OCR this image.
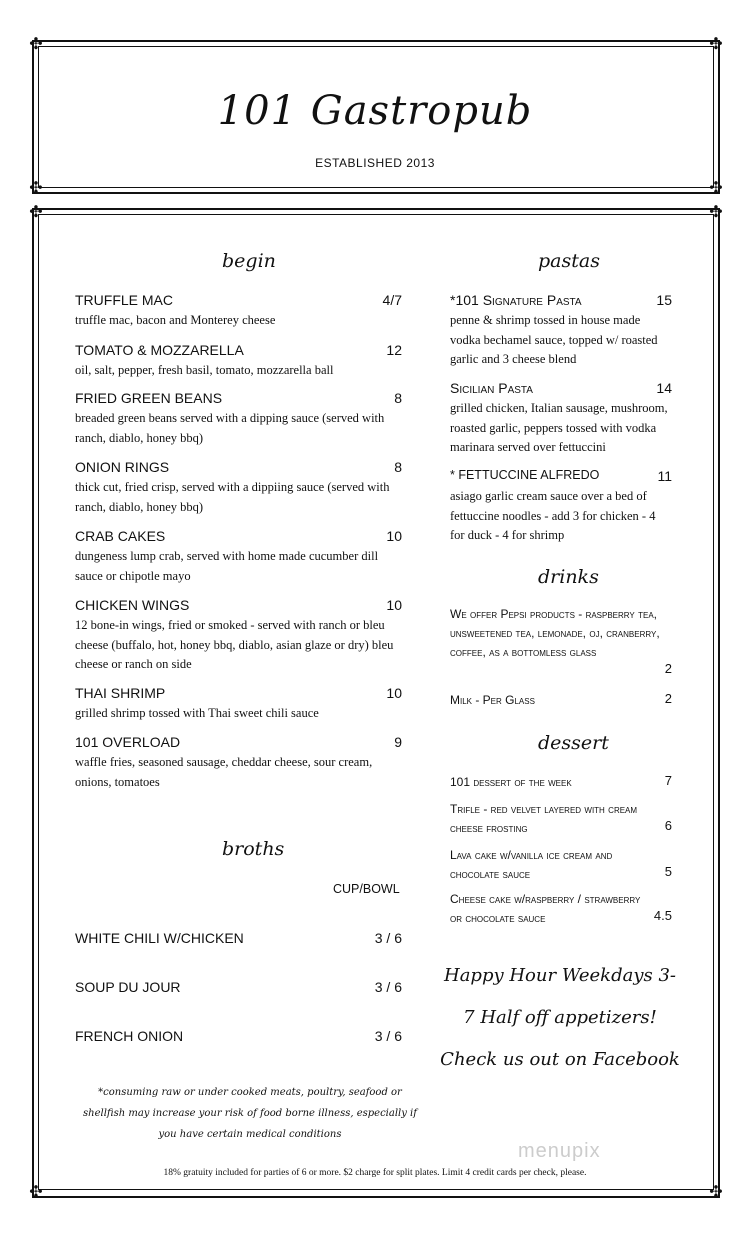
✣	✣
✣	✣
✣	✣
✣	✣
101 Gastropub
ESTABLISHED 2013
begin
TRUFFLE MAC	4/7
truffle mac, bacon and Monterey cheese
TOMATO & MOZZARELLA	12
oil, salt, pepper, fresh basil, tomato, mozzarella ball
FRIED GREEN BEANS	8
breaded green beans served with a dipping sauce (served with ranch, diablo, honey bbq)
ONION RINGS	8
thick cut, fried crisp, served with a dippiing sauce (served with ranch, diablo, honey bbq)
CRAB CAKES	10
dungeness lump crab, served with home made cucumber dill sauce or chipotle mayo
CHICKEN WINGS	10
12 bone-in wings, fried or smoked - served with ranch or bleu cheese (buffalo, hot, honey bbq, diablo, asian glaze or dry) bleu cheese or ranch on side
THAI SHRIMP	10
grilled shrimp tossed with Thai sweet chili sauce
101 OVERLOAD	9
waffle fries, seasoned sausage, cheddar cheese, sour cream, onions, tomatoes
broths
CUP/BOWL
WHITE CHILI W/CHICKEN	3 / 6
SOUP DU JOUR	3 / 6
FRENCH ONION	3 / 6
pastas
*101 Signature Pasta	15
penne & shrimp tossed in house made vodka bechamel sauce, topped w/ roasted garlic and 3 cheese blend
Sicilian Pasta	14
grilled chicken, Italian sausage, mushroom, roasted garlic, peppers tossed with vodka marinara served over fettuccini
* FETTUCCINE ALFREDO	11
asiago garlic cream sauce over a bed of fettuccine noodles - add 3 for chicken - 4 for duck - 4 for shrimp
drinks
We offer Pepsi products - raspberry tea, unsweetened tea, lemonade, oj, cranberry, coffee, as a bottomless glass
2
Milk - Per Glass	2
dessert
101 dessert of the week	7
Trifle - red velvet layered with cream cheese frosting	6
Lava cake w/vanilla ice cream and chocolate sauce	5
Cheese cake w/raspberry / strawberry or chocolate sauce	4.5
Happy Hour Weekdays 3-7 Half off appetizers! Check us out on Facebook
*consuming raw or under cooked meats, poultry, seafood or shellfish may increase your risk of food borne illness, especially if you have certain medical conditions
menupix
18% gratuity included for parties of 6 or more. $2 charge for split plates. Limit 4 credit cards per check, please.
